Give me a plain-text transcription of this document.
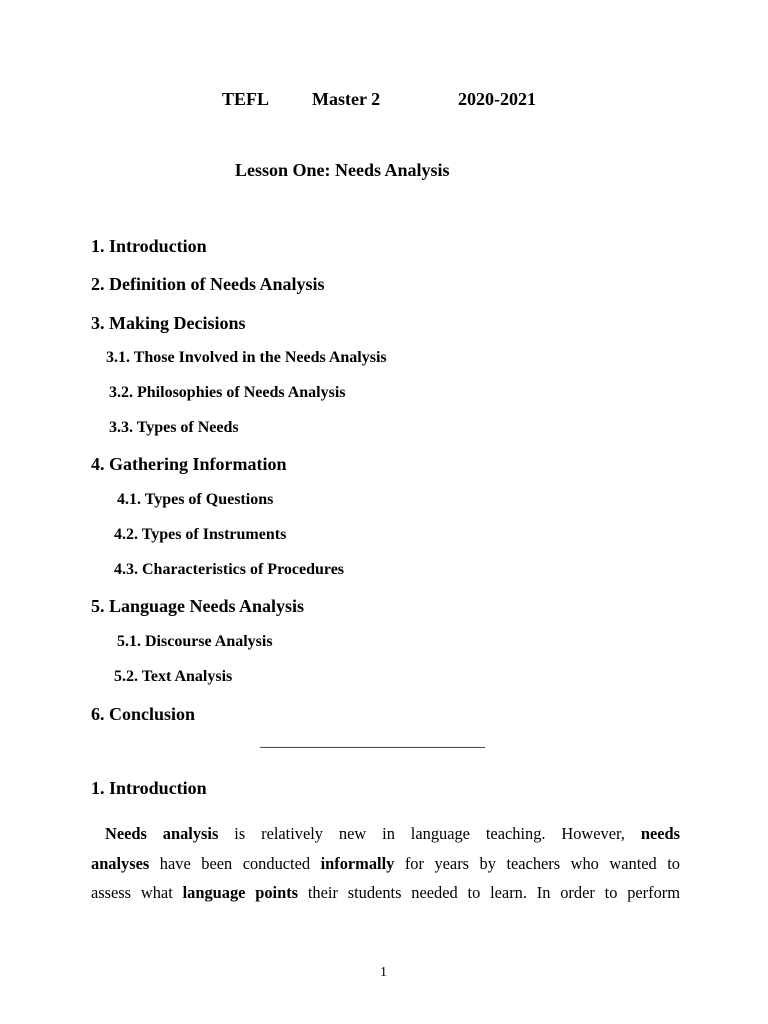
TEFL Master 2	2020-2021
Lesson One: Needs Analysis
1. Introduction
2. Definition of Needs Analysis
3. Making Decisions
3.1. Those Involved in the Needs Analysis
3.2. Philosophies of Needs Analysis
3.3. Types of Needs
4. Gathering Information
4.1. Types of Questions
4.2. Types of Instruments
4.3. Characteristics of Procedures
5. Language Needs Analysis
5.1. Discourse Analysis
5.2. Text Analysis
6. Conclusion
______________________________
1. Introduction
Needs analysis is relatively new in language teaching. However, needs
analyses have been conducted informally for years by teachers who wanted to
assess what language points their students needed to learn. In order to perform
1
